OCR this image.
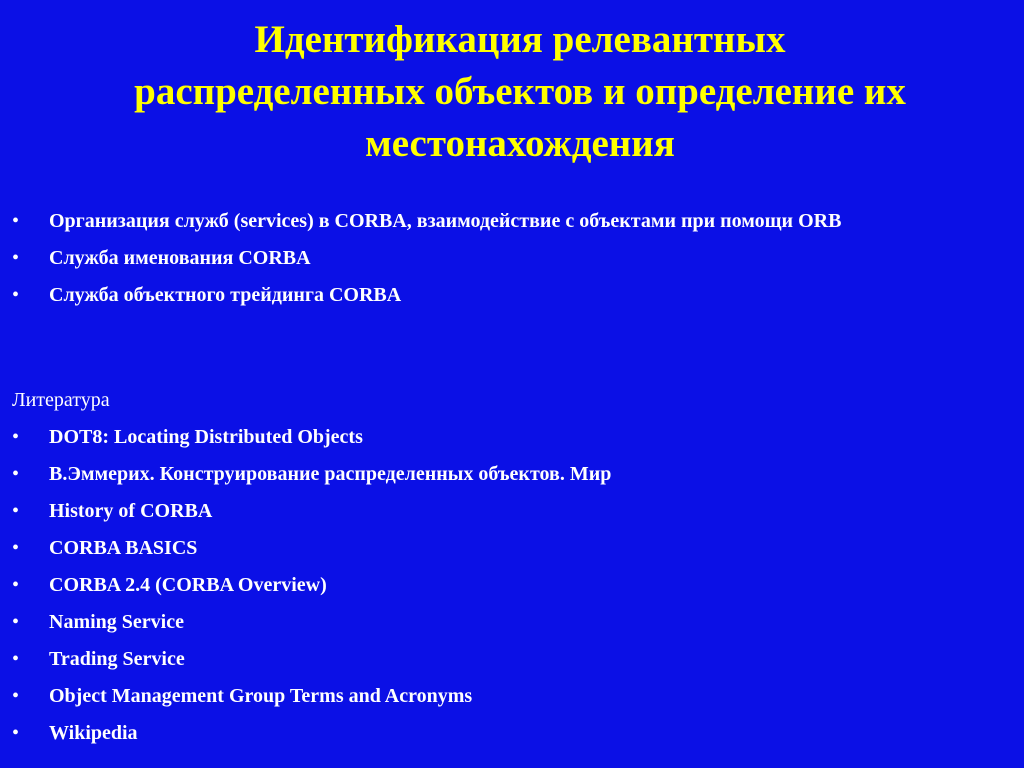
Идентификация релевантных
распределенных объектов и определение их
местонахождения
• Организация служб (services) в CORBA, взаимодействие с объектами при помощи ORB
• Служба именования CORBA
• Служба объектного трейдинга CORBA
Литература
• DOT8: Locating Distributed Objects
• В.Эммерих. Конструирование распределенных объектов. Мир
• History of CORBA
• CORBA BASICS
• CORBA 2.4 (CORBA Overview)
• Naming Service
• Trading Service
• Object Management Group Terms and Acronyms
• Wikipedia
